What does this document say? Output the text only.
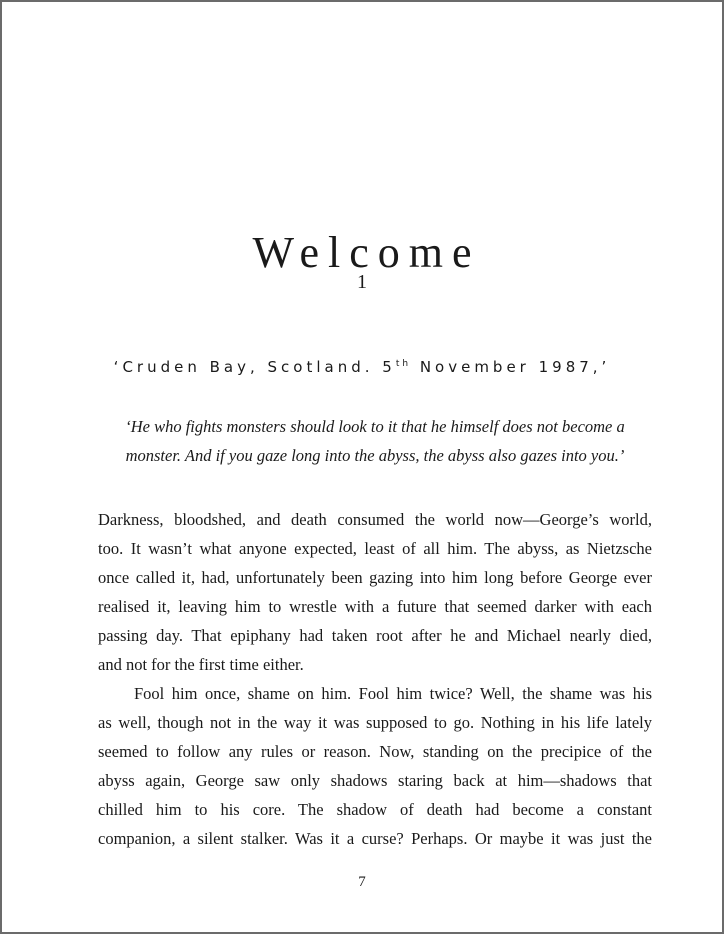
Welcome
1
‘Cruden Bay, Scotland. 5th November 1987,’
‘He who fights monsters should look to it that he himself does not become a
monster. And if you gaze long into the abyss, the abyss also gazes into you.’

Darkness, bloodshed, and death consumed the world now—George’s world,
too. It wasn’t what anyone expected, least of all him. The abyss, as Nietzsche
once called it, had, unfortunately been gazing into him long before George ever
realised it, leaving him to wrestle with a future that seemed darker with each
passing day. That epiphany had taken root after he and Michael nearly died,
and not for the first time either.

Fool him once, shame on him. Fool him twice? Well, the shame was his
as well, though not in the way it was supposed to go. Nothing in his life lately
seemed to follow any rules or reason. Now, standing on the precipice of the
abyss again, George saw only shadows staring back at him—shadows that
chilled him to his core. The shadow of death had become a constant
companion, a silent stalker. Was it a curse? Perhaps. Or maybe it was just the

7
